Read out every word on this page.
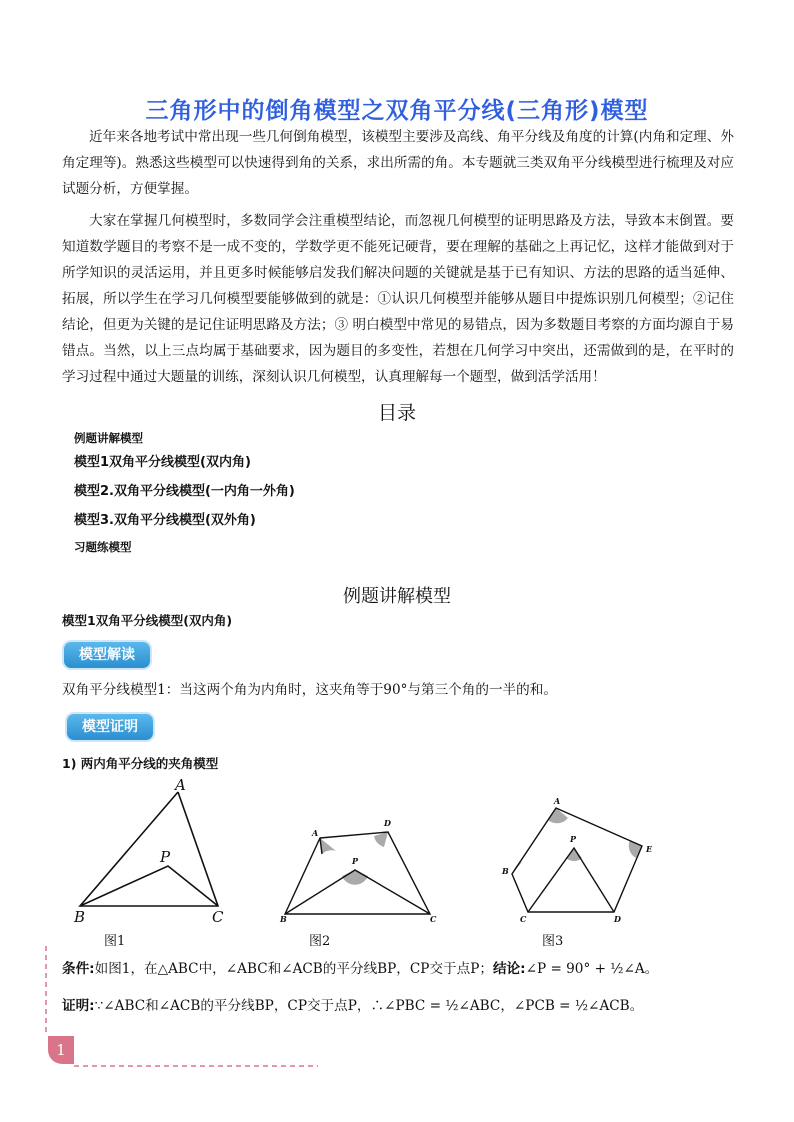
三角形中的倒角模型之双角平分线(三角形)模型
近年来各地考试中常出现一些几何倒角模型，该模型主要涉及高线、角平分线及角度的计算(内角和定理、外角定理等)。熟悉这些模型可以快速得到角的关系，求出所需的角。本专题就三类双角平分线模型进行梳理及对应试题分析，方便掌握。
大家在掌握几何模型时，多数同学会注重模型结论，而忽视几何模型的证明思路及方法，导致本末倒置。要知道数学题目的考察不是一成不变的，学数学更不能死记硬背，要在理解的基础之上再记忆，这样才能做到对于所学知识的灵活运用，并且更多时候能够启发我们解决问题的关键就是基于已有知识、方法的思路的适当延伸、拓展，所以学生在学习几何模型要能够做到的就是：①认识几何模型并能够从题目中提炼识别几何模型；②记住结论，但更为关键的是记住证明思路及方法；③ 明白模型中常见的易错点，因为多数题目考察的方面均源自于易错点。当然，以上三点均属于基础要求，因为题目的多变性，若想在几何学习中突出，还需做到的是，在平时的学习过程中通过大题量的训练，深刻认识几何模型，认真理解每一个题型，做到活学活用！
目录
例题讲解模型
模型1双角平分线模型(双内角)
模型2.双角平分线模型(一内角一外角)
模型3.双角平分线模型(双外角)
习题练模型
例题讲解模型
模型1双角平分线模型(双内角)
模型解读
双角平分线模型1：当这两个角为内角时，这夹角等于90°与第三个角的一半的和。
模型证明
1) 两内角平分线的夹角模型
A
P
B	C
A
D
P
B	C
A
P
E
B
C	D
图1	图2	图3
条件:如图1，在△ABC中，∠ABC和∠ACB的平分线BP，CP交于点P；结论:∠P = 90° + ½∠A。
证明:∵∠ABC和∠ACB的平分线BP，CP交于点P，∴∠PBC = ½∠ABC，∠PCB = ½∠ACB。
1
